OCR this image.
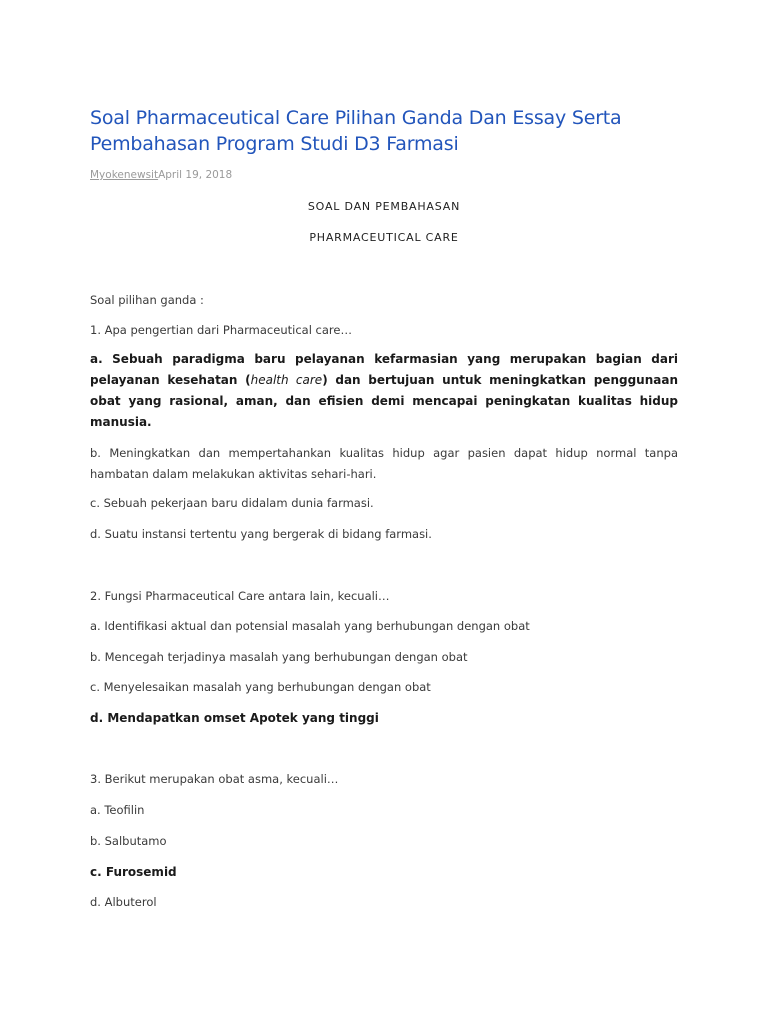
Soal Pharmaceutical Care Pilihan Ganda Dan Essay Serta Pembahasan Program Studi D3 Farmasi
MyokenewsitApril 19, 2018
SOAL DAN PEMBAHASAN
PHARMACEUTICAL CARE
Soal pilihan ganda :
1. Apa pengertian dari Pharmaceutical care…
a. Sebuah paradigma baru pelayanan kefarmasian yang merupakan bagian dari pelayanan kesehatan (health care) dan bertujuan untuk meningkatkan penggunaan obat yang rasional, aman, dan efisien demi mencapai peningkatan kualitas hidup manusia.
b. Meningkatkan dan mempertahankan kualitas hidup agar pasien dapat hidup normal tanpa hambatan dalam melakukan aktivitas sehari-hari.
c. Sebuah pekerjaan baru didalam dunia farmasi.
d. Suatu instansi tertentu yang bergerak di bidang farmasi.
2. Fungsi Pharmaceutical Care antara lain, kecuali…
a. Identifikasi aktual dan potensial masalah yang berhubungan dengan obat
b. Mencegah terjadinya masalah yang berhubungan dengan obat
c. Menyelesaikan masalah yang berhubungan dengan obat
d. Mendapatkan omset Apotek yang tinggi
3. Berikut merupakan obat asma, kecuali…
a. Teofilin
b. Salbutamo
c. Furosemid
d. Albuterol
